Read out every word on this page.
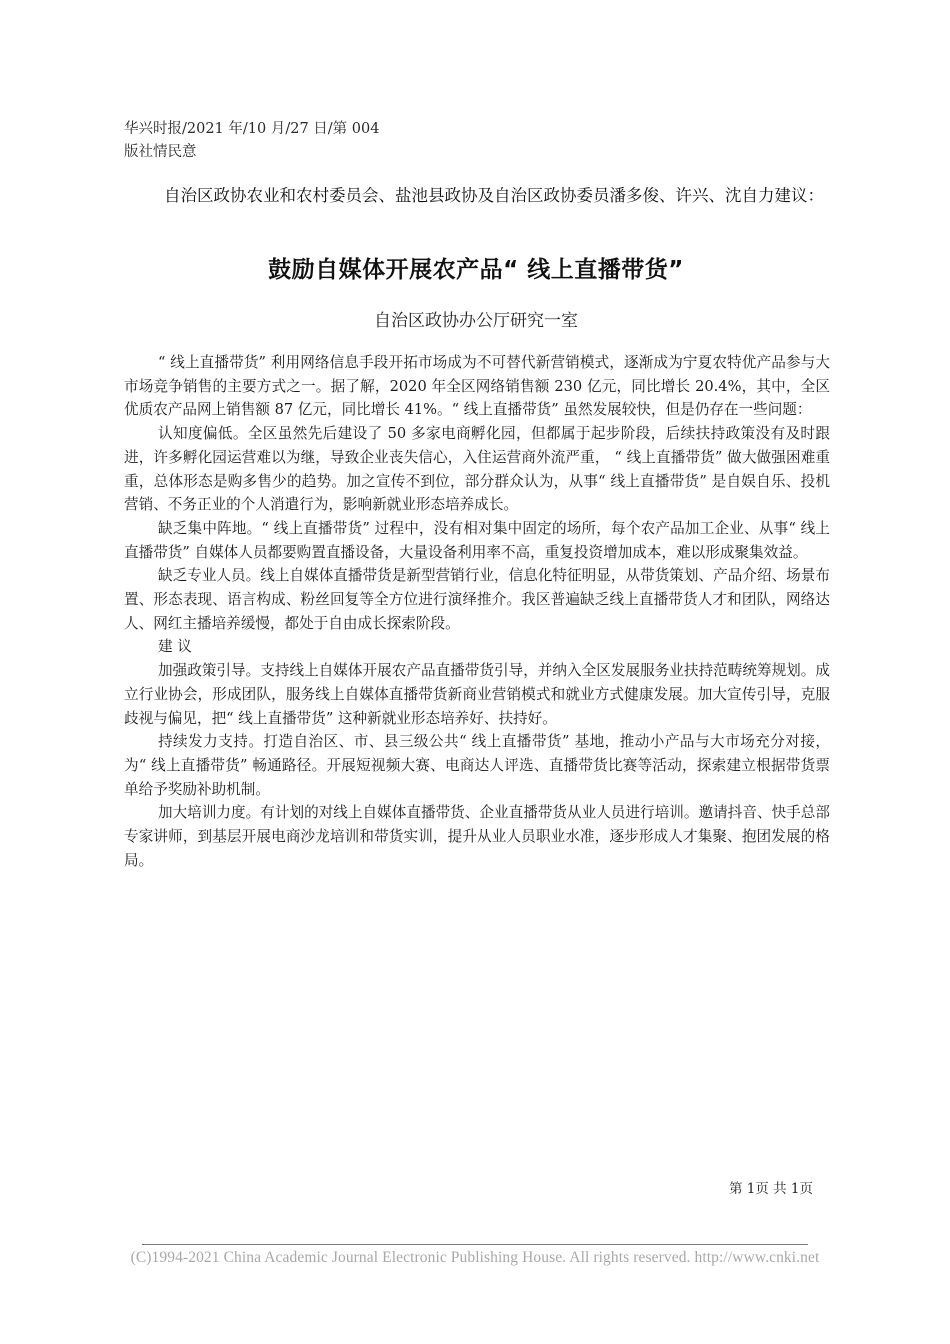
华兴时报/2021 年/10 月/27 日/第 004
版社情民意

自治区政协农业和农村委员会、盐池县政协及自治区政协委员潘多俊、许兴、沈自力建议：

鼓励自媒体开展农产品“ 线上直播带货”

自治区政协办公厅研究一室

“ 线上直播带货” 利用网络信息手段开拓市场成为不可替代新营销模式，逐渐成为宁夏农特优产品参与大市场竞争销售的主要方式之一。据了解，2020 年全区网络销售额 230 亿元，同比增长 20.4%，其中，全区优质农产品网上销售额 87 亿元，同比增长 41%。“ 线上直播带货” 虽然发展较快，但是仍存在一些问题：

认知度偏低。全区虽然先后建设了 50 多家电商孵化园，但都属于起步阶段，后续扶持政策没有及时跟进，许多孵化园运营难以为继，导致企业丧失信心，入住运营商外流严重， “ 线上直播带货” 做大做强困难重重，总体形态是购多售少的趋势。加之宣传不到位，部分群众认为，从事“ 线上直播带货” 是自娱自乐、投机营销、不务正业的个人消遣行为，影响新就业形态培养成长。

缺乏集中阵地。“ 线上直播带货” 过程中，没有相对集中固定的场所，每个农产品加工企业、从事“ 线上直播带货” 自媒体人员都要购置直播设备，大量设备利用率不高，重复投资增加成本，难以形成聚集效益。

缺乏专业人员。线上自媒体直播带货是新型营销行业，信息化特征明显，从带货策划、产品介绍、场景布置、形态表现、语言构成、粉丝回复等全方位进行演绎推介。我区普遍缺乏线上直播带货人才和团队，网络达人、网红主播培养缓慢，都处于自由成长探索阶段。

建 议

加强政策引导。支持线上自媒体开展农产品直播带货引导，并纳入全区发展服务业扶持范畴统筹规划。成立行业协会，形成团队，服务线上自媒体直播带货新商业营销模式和就业方式健康发展。加大宣传引导，克服歧视与偏见，把“ 线上直播带货” 这种新就业形态培养好、扶持好。

持续发力支持。打造自治区、市、县三级公共“ 线上直播带货” 基地，推动小产品与大市场充分对接，为“ 线上直播带货” 畅通路径。开展短视频大赛、电商达人评选、直播带货比赛等活动，探索建立根据带货票单给予奖励补助机制。

加大培训力度。有计划的对线上自媒体直播带货、企业直播带货从业人员进行培训。邀请抖音、快手总部专家讲师，到基层开展电商沙龙培训和带货实训，提升从业人员职业水准，逐步形成人才集聚、抱团发展的格局。

第 1页 共 1页
(C)1994-2021 China Academic Journal Electronic Publishing House. All rights reserved. http://www.cnki.net
